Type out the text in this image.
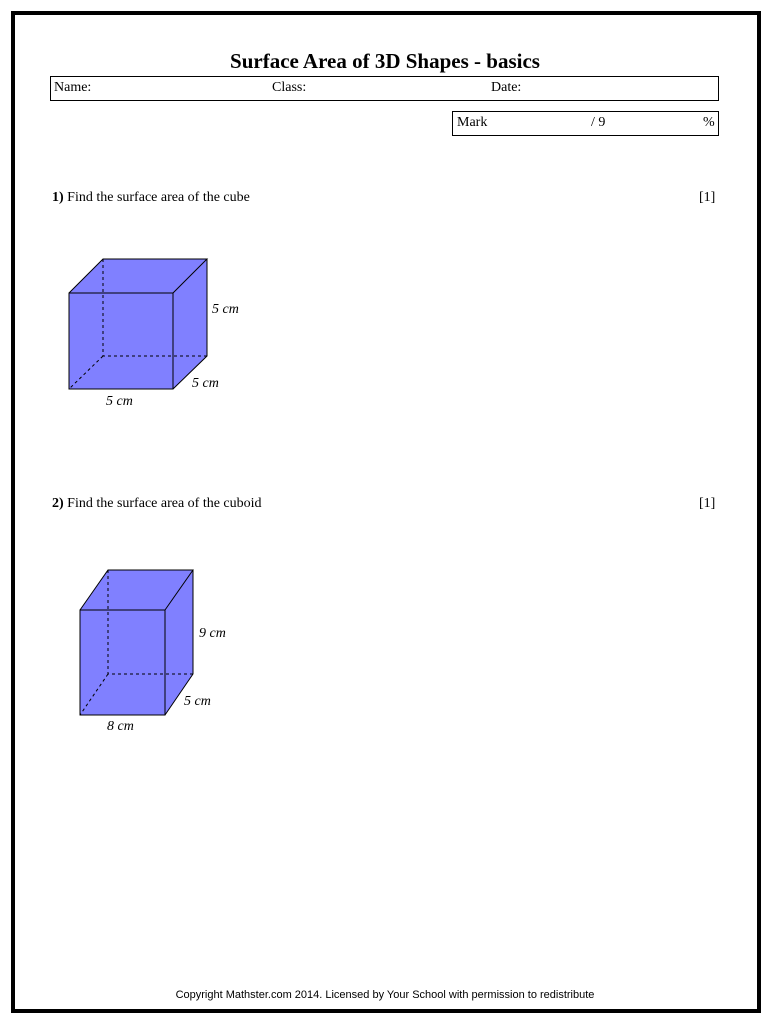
Surface Area of 3D Shapes - basics
Name:	Class:	Date:
Mark	/ 9	%
1) Find the surface area of the cube	[1]
5 cm
5 cm
5 cm
2) Find the surface area of the cuboid	[1]
9 cm
5 cm
8 cm
Copyright Mathster.com 2014. Licensed by Your School with permission to redistribute
